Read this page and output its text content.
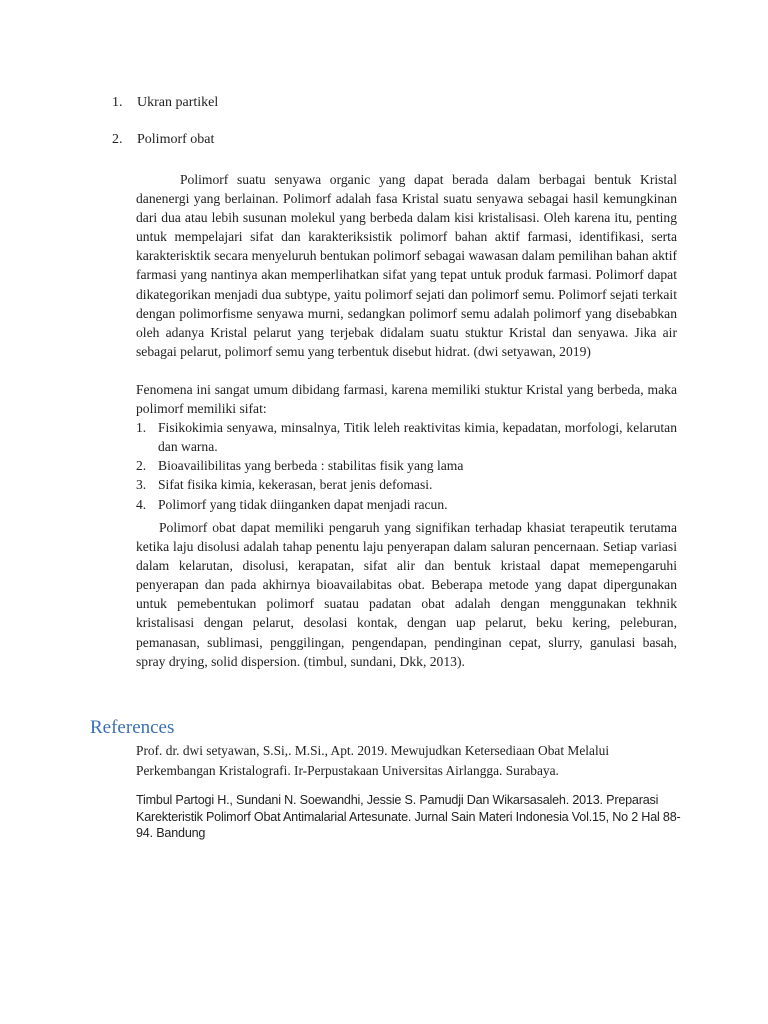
1. Ukran partikel
2. Polimorf obat

Polimorf suatu senyawa organic yang dapat berada dalam berbagai bentuk Kristal danenergi yang berlainan. Polimorf adalah fasa Kristal suatu senyawa sebagai hasil kemungkinan dari dua atau lebih susunan molekul yang berbeda dalam kisi kristalisasi. Oleh karena itu, penting untuk mempelajari sifat dan karakteriksistik polimorf bahan aktif farmasi, identifikasi, serta karakterisktik secara menyeluruh bentukan polimorf sebagai wawasan dalam pemilihan bahan aktif farmasi yang nantinya akan memperlihatkan sifat yang tepat untuk produk farmasi. Polimorf dapat dikategorikan menjadi dua subtype, yaitu polimorf sejati dan polimorf semu. Polimorf sejati terkait dengan polimorfisme senyawa murni, sedangkan polimorf semu adalah polimorf yang disebabkan oleh adanya Kristal pelarut yang terjebak didalam suatu stuktur Kristal dan senyawa. Jika air sebagai pelarut, polimorf semu yang terbentuk disebut hidrat. (dwi setyawan, 2019)

Fenomena ini sangat umum dibidang farmasi, karena memiliki stuktur Kristal yang berbeda, maka polimorf memiliki sifat:
1. Fisikokimia senyawa, minsalnya, Titik leleh reaktivitas kimia, kepadatan, morfologi, kelarutan dan warna.
2. Bioavailibilitas yang berbeda : stabilitas fisik yang lama
3. Sifat fisika kimia, kekerasan, berat jenis defomasi.
4. Polimorf yang tidak diinganken dapat menjadi racun.

Polimorf obat dapat memiliki pengaruh yang signifikan terhadap khasiat terapeutik terutama ketika laju disolusi adalah tahap penentu laju penyerapan dalam saluran pencernaan. Setiap variasi dalam kelarutan, disolusi, kerapatan, sifat alir dan bentuk kristaal dapat memepengaruhi penyerapan dan pada akhirnya bioavailabitas obat. Beberapa metode yang dapat dipergunakan untuk pemebentukan polimorf suatau padatan obat adalah dengan menggunakan tekhnik kristalisasi dengan pelarut, desolasi kontak, dengan uap pelarut, beku kering, peleburan, pemanasan, sublimasi, penggilingan, pengendapan, pendinginan cepat, slurry, ganulasi basah, spray drying, solid dispersion. (timbul, sundani, Dkk, 2013).

References
Prof. dr. dwi setyawan, S.Si,. M.Si., Apt. 2019. Mewujudkan Ketersediaan Obat Melalui Perkembangan Kristalografi. Ir-Perpustakaan Universitas Airlangga. Surabaya.
Timbul Partogi H., Sundani N. Soewandhi, Jessie S. Pamudji Dan Wikarsasaleh. 2013. Preparasi Karekteristik Polimorf Obat Antimalarial Artesunate. Jurnal Sain Materi Indonesia Vol.15, No 2 Hal 88-94. Bandung
